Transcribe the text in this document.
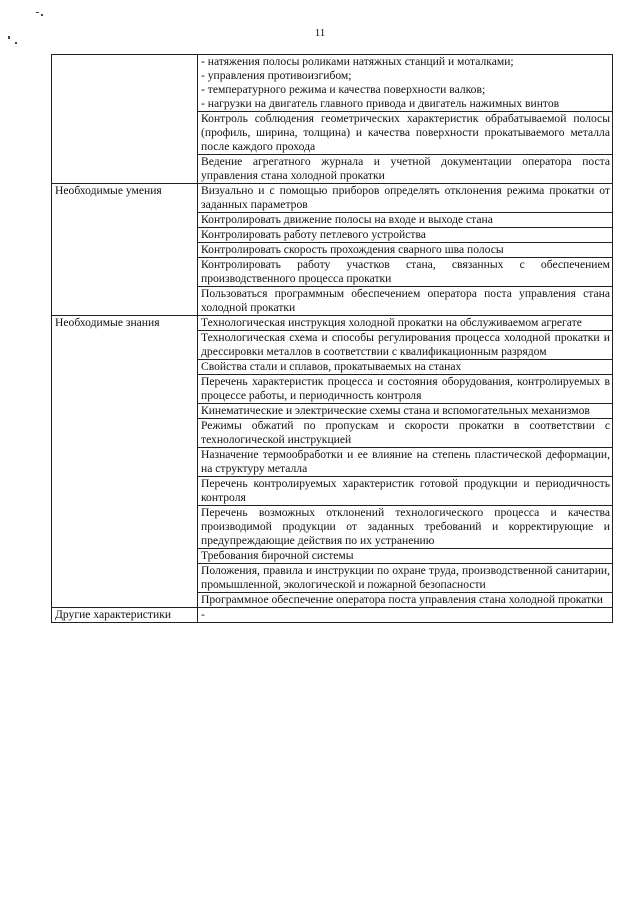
11

	- натяжения полосы роликами натяжных станций и моталками;
- управления противоизгибом;
- температурного режима и качества поверхности валков;
- нагрузки на двигатель главного привода и двигатель нажимных винтов

	Контроль соблюдения геометрических характеристик обрабатываемой полосы (профиль, ширина, толщина) и качества поверхности прокатываемого металла после каждого прохода
	Ведение агрегатного журнала и учетной документации оператора поста управления стана холодной прокатки
Необходимые умения	Визуально и с помощью приборов определять отклонения режима прокатки от заданных параметров
	Контролировать движение полосы на входе и выходе стана
	Контролировать работу петлевого устройства
	Контролировать скорость прохождения сварного шва полосы
	Контролировать работу участков стана, связанных с обеспечением производственного процесса прокатки
	Пользоваться программным обеспечением оператора поста управления стана холодной прокатки
Необходимые знания	Технологическая инструкция холодной прокатки на обслуживаемом агрегате
	Технологическая схема и способы регулирования процесса холодной прокатки и дрессировки металлов в соответствии с квалификационным разрядом
	Свойства стали и сплавов, прокатываемых на станах
	Перечень характеристик процесса и состояния оборудования, контролируемых в процессе работы, и периодичность контроля
	Кинематические и электрические схемы стана и вспомогательных механизмов
	Режимы обжатий по пропускам и скорости прокатки в соответствии с технологической инструкцией
	Назначение термообработки и ее влияние на степень пластической деформации, на структуру металла
	Перечень контролируемых характеристик готовой продукции и периодичность контроля
	Перечень возможных отклонений технологического процесса и качества производимой продукции от заданных требований и корректирующие и предупреждающие действия по их устранению
	Требования бирочной системы
	Положения, правила и инструкции по охране труда, производственной санитарии, промышленной, экологической и пожарной безопасности
	Программное обеспечение оператора поста управления стана холодной прокатки
Другие характеристики	-
